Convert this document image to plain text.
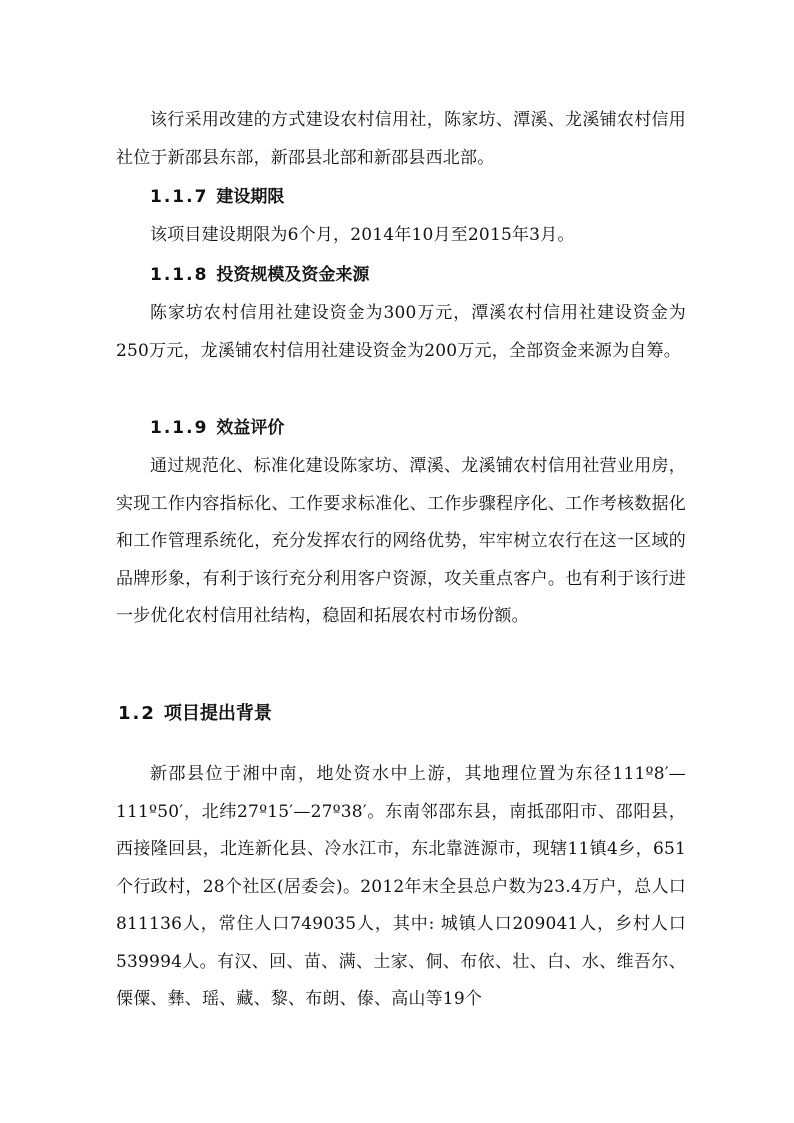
该行采用改建的方式建设农村信用社，陈家坊、潭溪、龙溪铺农村信用社位于新邵县东部，新邵县北部和新邵县西北部。

1.1.7 建设期限

该项目建设期限为6个月，2014年10月至2015年3月。

1.1.8 投资规模及资金来源

陈家坊农村信用社建设资金为300万元，潭溪农村信用社建设资金为250万元，龙溪铺农村信用社建设资金为200万元，全部资金来源为自筹。

1.1.9 效益评价

通过规范化、标准化建设陈家坊、潭溪、龙溪铺农村信用社营业用房，实现工作内容指标化、工作要求标准化、工作步骤程序化、工作考核数据化和工作管理系统化，充分发挥农行的网络优势，牢牢树立农行在这一区域的品牌形象，有利于该行充分利用客户资源，攻关重点客户。也有利于该行进一步优化农村信用社结构，稳固和拓展农村市场份额。

1.2 项目提出背景

新邵县位于湘中南，地处资水中上游，其地理位置为东径111º8′—111º50′，北纬27º15′—27º38′。东南邻邵东县，南抵邵阳市、邵阳县，西接隆回县，北连新化县、冷水江市，东北靠涟源市，现辖11镇4乡，651个行政村，28个社区(居委会)。2012年末全县总户数为23.4万户，总人口811136人，常住人口749035人，其中: 城镇人口209041人，乡村人口539994人。有汉、回、苗、满、土家、侗、布依、壮、白、水、维吾尔、傈僳、彝、瑶、藏、黎、布朗、傣、高山等19个
